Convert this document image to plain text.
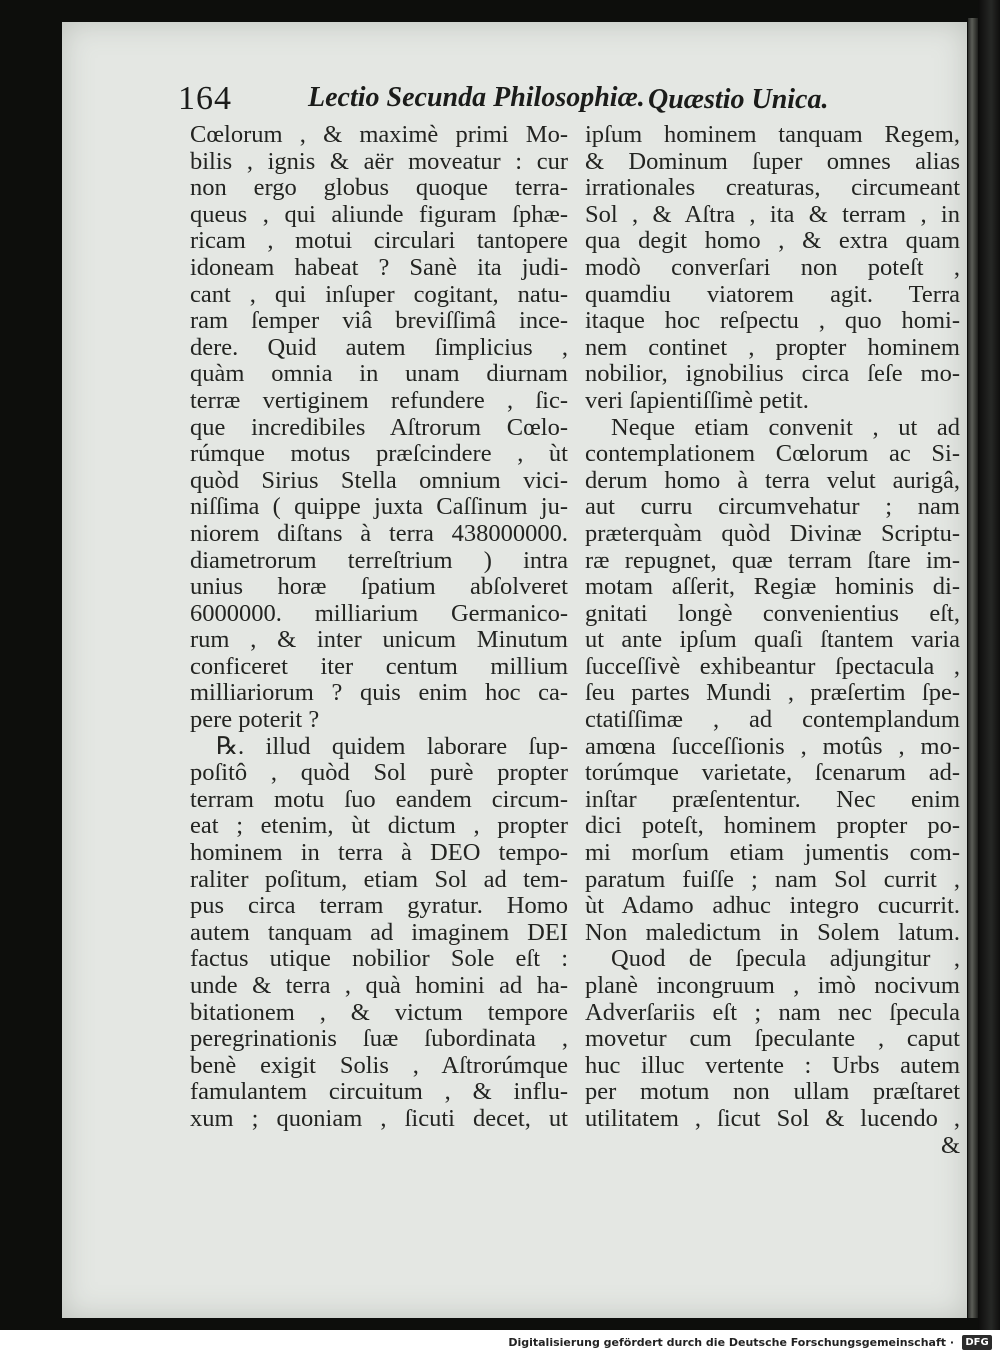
164	Lectio Secunda Philosophiæ. Quæstio Unica.
Cœlorum , & maximè primi Mo-
bilis , ignis & aër moveatur : cur
non ergo globus quoque terra-
queus , qui aliunde figuram ſphæ-
ricam , motui circulari tantopere
idoneam habeat ? Sanè ita judi-
cant , qui inſuper cogitant, natu-
ram ſemper viâ breviſſimâ ince-
dere. Quid autem ſimplicius ,
quàm omnia in unam diurnam
terræ vertiginem refundere , ſic-
que incredibiles Aſtrorum Cœlo-
rúmque motus præſcindere , ùt
quòd Sirius Stella omnium vici-
niſſima ( quippe juxta Caſſinum ju-
niorem diſtans à terra 438000000.
diametrorum terreſtrium ) intra
unius horæ ſpatium abſolveret
6000000. milliarium Germanico-
rum , & inter unicum Minutum
conficeret iter centum millium
milliariorum ? quis enim hoc ca-
pere poterit ?
℞. illud quidem laborare ſup-
poſitô , quòd Sol purè propter
terram motu ſuo eandem circum-
eat ; etenim, ùt dictum , propter
hominem in terra à DEO tempo-
raliter poſitum, etiam Sol ad tem-
pus circa terram gyratur. Homo
autem tanquam ad imaginem DEI
factus utique nobilior Sole eſt :
unde & terra , quà homini ad ha-
bitationem , & victum tempore
peregrinationis ſuæ ſubordinata ,
benè exigit Solis , Aſtrorúmque
famulantem circuitum , & influ-
xum ; quoniam , ſicuti decet, ut
ipſum hominem tanquam Regem,
& Dominum ſuper omnes alias
irrationales creaturas, circumeant
Sol , & Aſtra , ita & terram , in
qua degit homo , & extra quam
modò converſari non poteſt ,
quamdiu viatorem agit. Terra
itaque hoc reſpectu , quo homi-
nem continet , propter hominem
nobilior, ignobilius circa ſeſe mo-
veri ſapientiſſimè petit.
Neque etiam convenit , ut ad
contemplationem Cœlorum ac Si-
derum homo à terra velut aurigâ,
aut curru circumvehatur ; nam
præterquàm quòd Divinæ Scriptu-
ræ repugnet, quæ terram ſtare im-
motam aſſerit, Regiæ hominis di-
gnitati longè convenientius eſt,
ut ante ipſum quaſi ſtantem varia
ſucceſſivè exhibeantur ſpectacula ,
ſeu partes Mundi , præſertim ſpe-
ctatiſſimæ , ad contemplandum
amœna ſucceſſionis , motûs , mo-
torúmque varietate, ſcenarum ad-
inſtar præſententur. Nec enim
dici poteſt, hominem propter po-
mi morſum etiam jumentis com-
paratum fuiſſe ; nam Sol currit ,
ùt Adamo adhuc integro cucurrit.
Non maledictum in Solem latum.
Quod de ſpecula adjungitur ,
planè incongruum , imò nocivum
Adverſariis eſt ; nam nec ſpecula
movetur cum ſpeculante , caput
huc illuc vertente : Urbs autem
per motum non ullam præſtaret
utilitatem , ſicut Sol & lucendo ,
&
Digitalisierung gefördert durch die Deutsche Forschungsgemeinschaft ·	DFG
